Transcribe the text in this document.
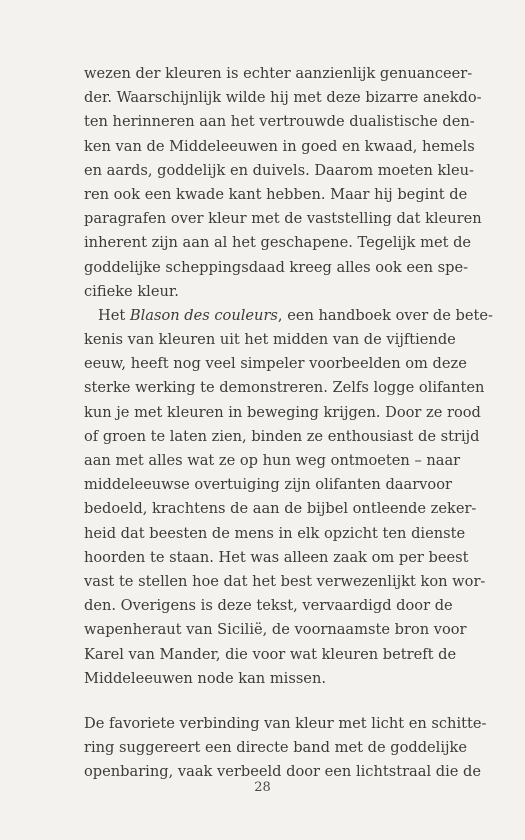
wezen der kleuren is echter aanzienlijk genuanceer-
der. Waarschijnlijk wilde hij met deze bizarre anekdo-
ten herinneren aan het vertrouwde dualistische den-
ken van de Middeleeuwen in goed en kwaad, hemels
en aards, goddelijk en duivels. Daarom moeten kleu-
ren ook een kwade kant hebben. Maar hij begint de
paragrafen over kleur met de vaststelling dat kleuren
inherent zijn aan al het geschapene. Tegelijk met de
goddelijke scheppingsdaad kreeg alles ook een spe-
cifieke kleur.
Het Blason des couleurs, een handboek over de bete-
kenis van kleuren uit het midden van de vijftiende
eeuw, heeft nog veel simpeler voorbeelden om deze
sterke werking te demonstreren. Zelfs logge olifanten
kun je met kleuren in beweging krijgen. Door ze rood
of groen te laten zien, binden ze enthousiast de strijd
aan met alles wat ze op hun weg ontmoeten – naar
middeleeuwse overtuiging zijn olifanten daarvoor
bedoeld, krachtens de aan de bijbel ontleende zeker-
heid dat beesten de mens in elk opzicht ten dienste
hoorden te staan. Het was alleen zaak om per beest
vast te stellen hoe dat het best verwezenlijkt kon wor-
den. Overigens is deze tekst, vervaardigd door de
wapenheraut van Sicilië, de voornaamste bron voor
Karel van Mander, die voor wat kleuren betreft de
Middeleeuwen node kan missen.
De favoriete verbinding van kleur met licht en schitte-
ring suggereert een directe band met de goddelijke
openbaring, vaak verbeeld door een lichtstraal die de
28
